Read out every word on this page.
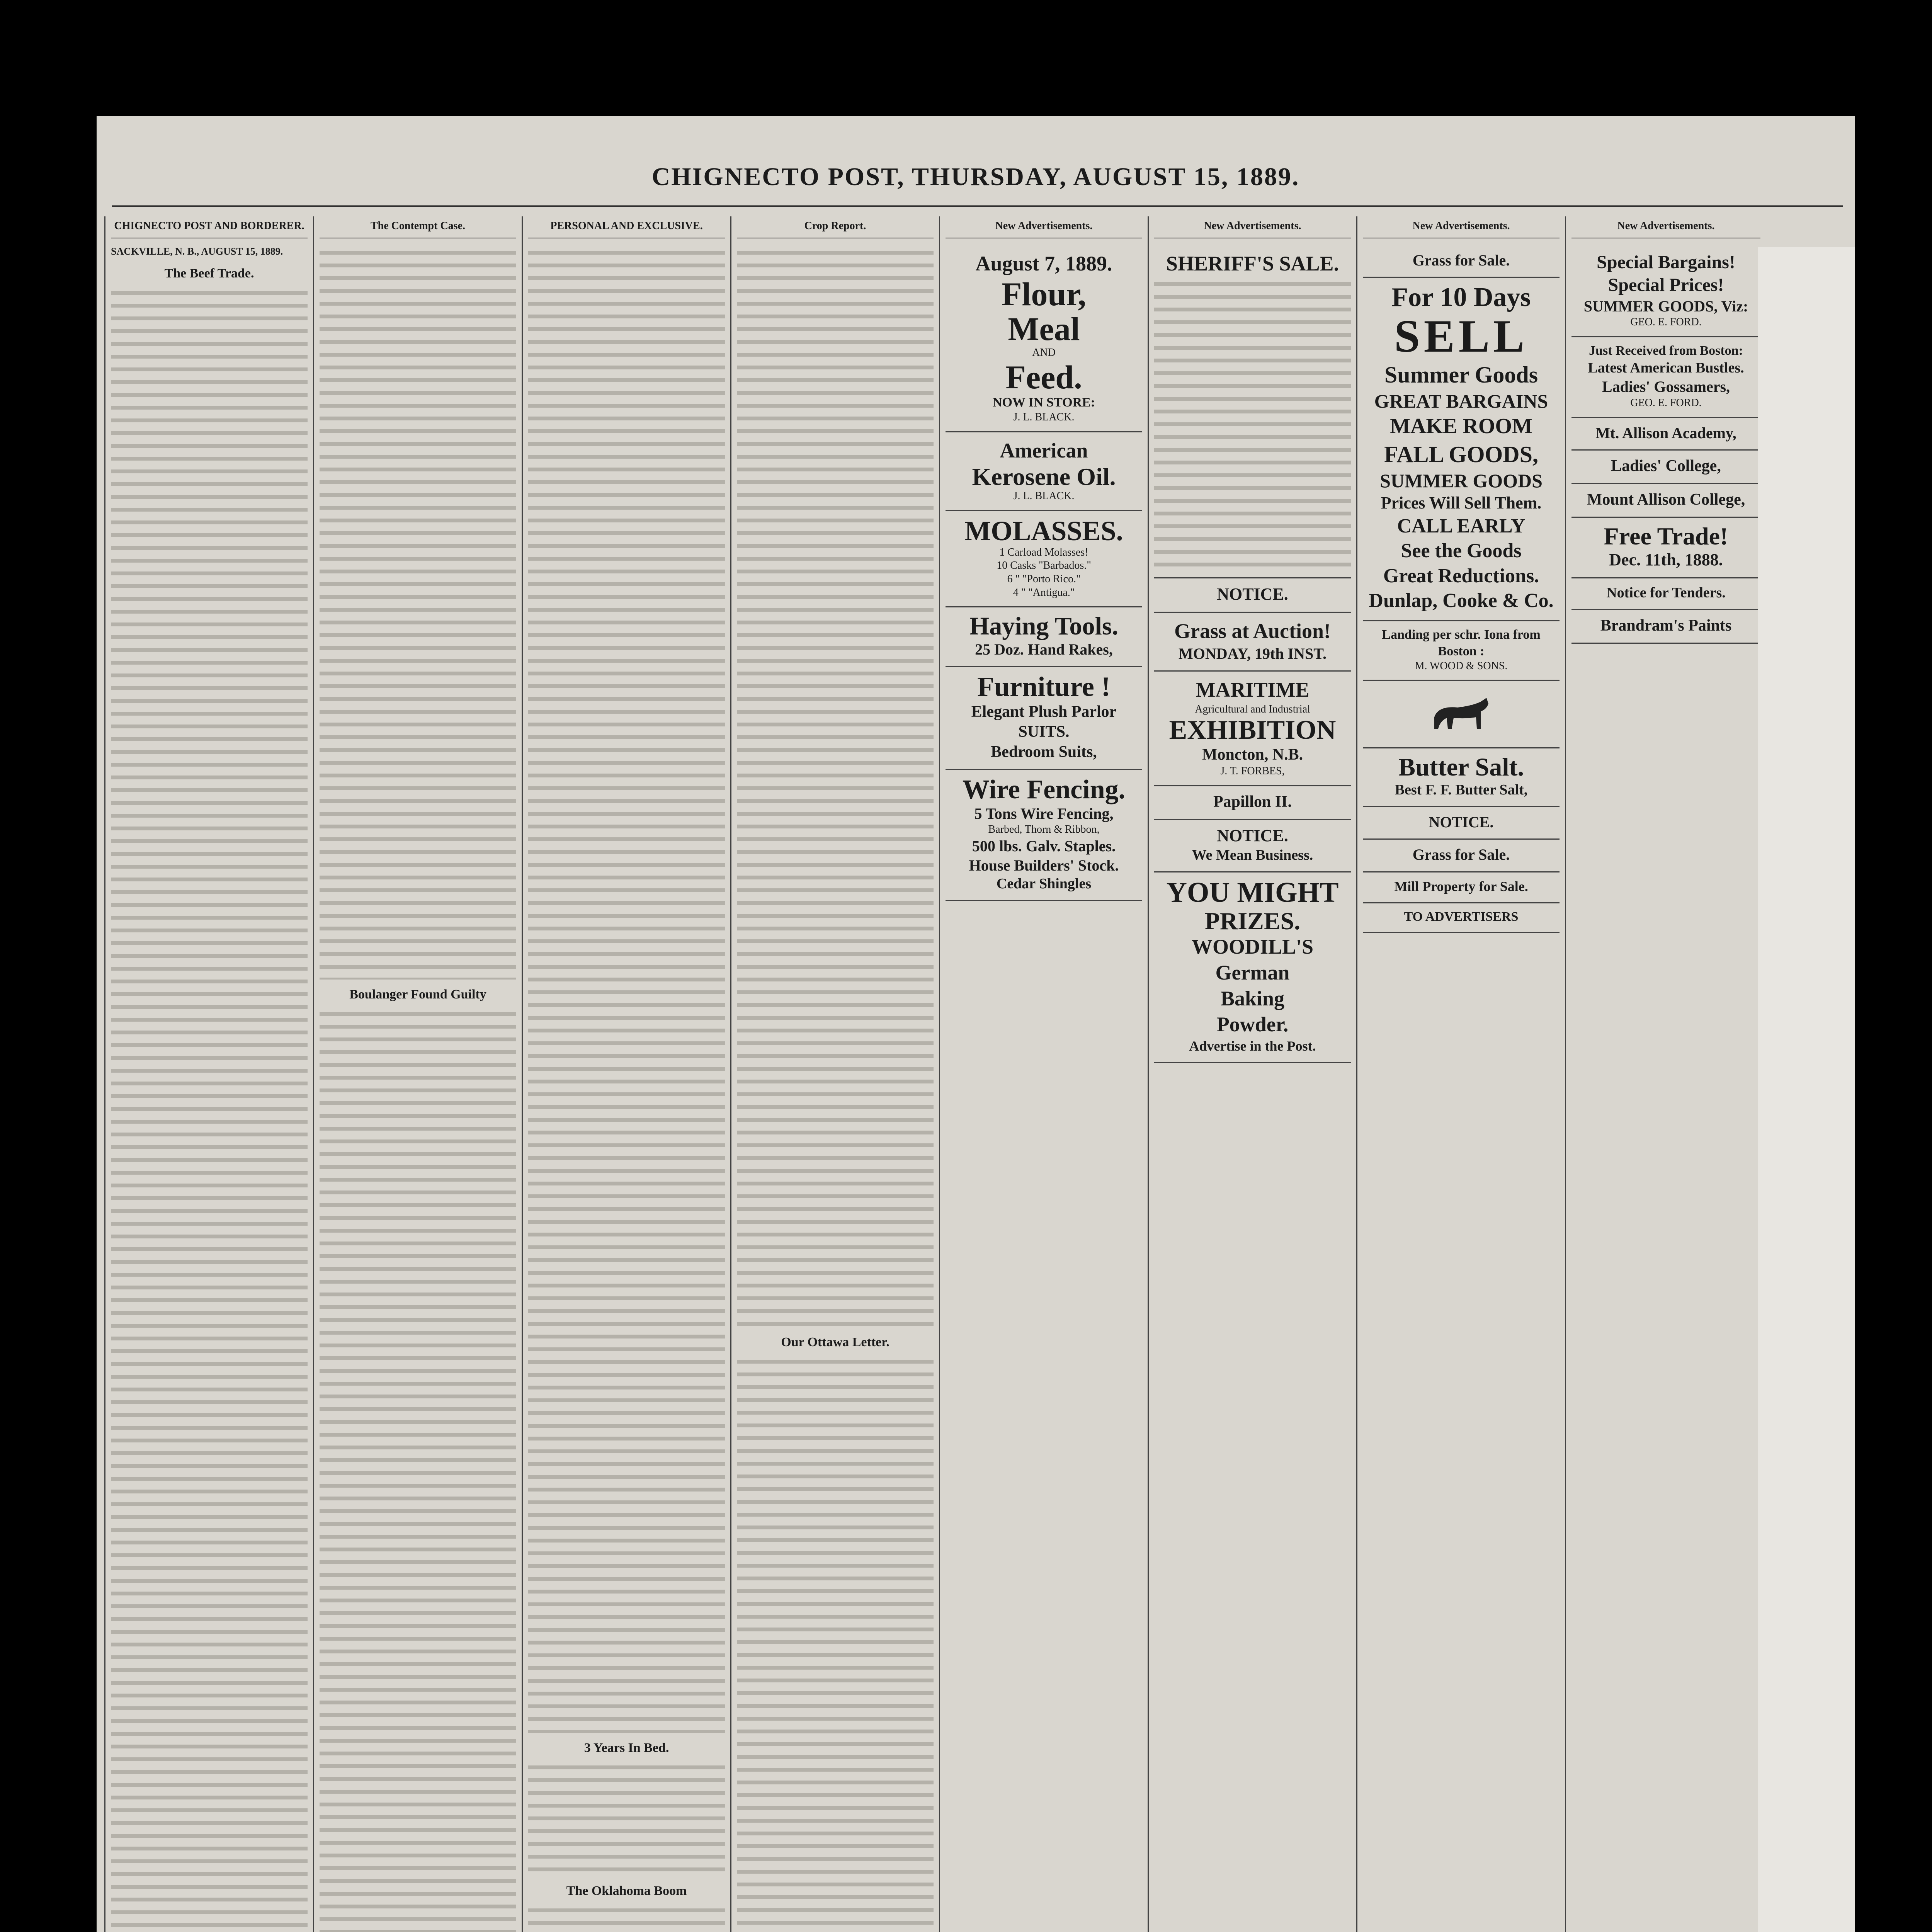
CHIGNECTO POST, THURSDAY, AUGUST 15, 1889.
CHIGNECTO POST AND BORDERER.
SACKVILLE, N. B., AUGUST 15, 1889.
The Beef Trade.
The Contempt Case.
Boulanger Found Guilty
PERSONAL AND EXCLUSIVE.
3 Years In Bed.
The Oklahoma Boom
Crop Report.
Our Ottawa Letter.
New Advertisements.
August 7, 1889.
Flour,
Meal
AND
Feed.
NOW IN STORE:
J. L. BLACK.
American
Kerosene Oil.
J. L. BLACK.
MOLASSES.
1 Carload Molasses!
10 Casks "Barbados."
6 " "Porto Rico."
4 " "Antigua."
Haying Tools.
25 Doz. Hand Rakes,
Furniture !
Elegant Plush Parlor SUITS.
Bedroom Suits,
Wire Fencing.
5 Tons Wire Fencing,
Barbed, Thorn & Ribbon,
500 lbs. Galv. Staples.
House Builders' Stock.
Cedar Shingles
New Advertisements.
SHERIFF'S SALE.
NOTICE.
Grass at Auction!
MONDAY, 19th INST.
MARITIME
Agricultural and Industrial
EXHIBITION
Moncton, N.B.
J. T. FORBES,
Papillon II.
NOTICE.
We Mean Business.
YOU MIGHT
PRIZES.
WOODILL'S
German
Baking
Powder.
Advertise in the Post.
New Advertisements.
Grass for Sale.
For 10 Days
SELL
Summer Goods
GREAT BARGAINS
MAKE ROOM
FALL GOODS,
SUMMER GOODS
Prices Will Sell Them.
CALL EARLY
See the Goods
Great Reductions.
Dunlap, Cooke & Co.
Landing per schr. Iona from Boston :
M. WOOD & SONS.
Butter Salt.
Best F. F. Butter Salt,
NOTICE.
Grass for Sale.
Mill Property for Sale.
TO ADVERTISERS
New Advertisements.
Special Bargains!
Special Prices!
SUMMER GOODS, Viz:
GEO. E. FORD.
Just Received from Boston:
Latest American Bustles.
Ladies' Gossamers,
GEO. E. FORD.
Mt. Allison Academy,
Ladies' College,
Mount Allison College,
Free Trade!
Dec. 11th, 1888.
Notice for Tenders.
Brandram's Paints
